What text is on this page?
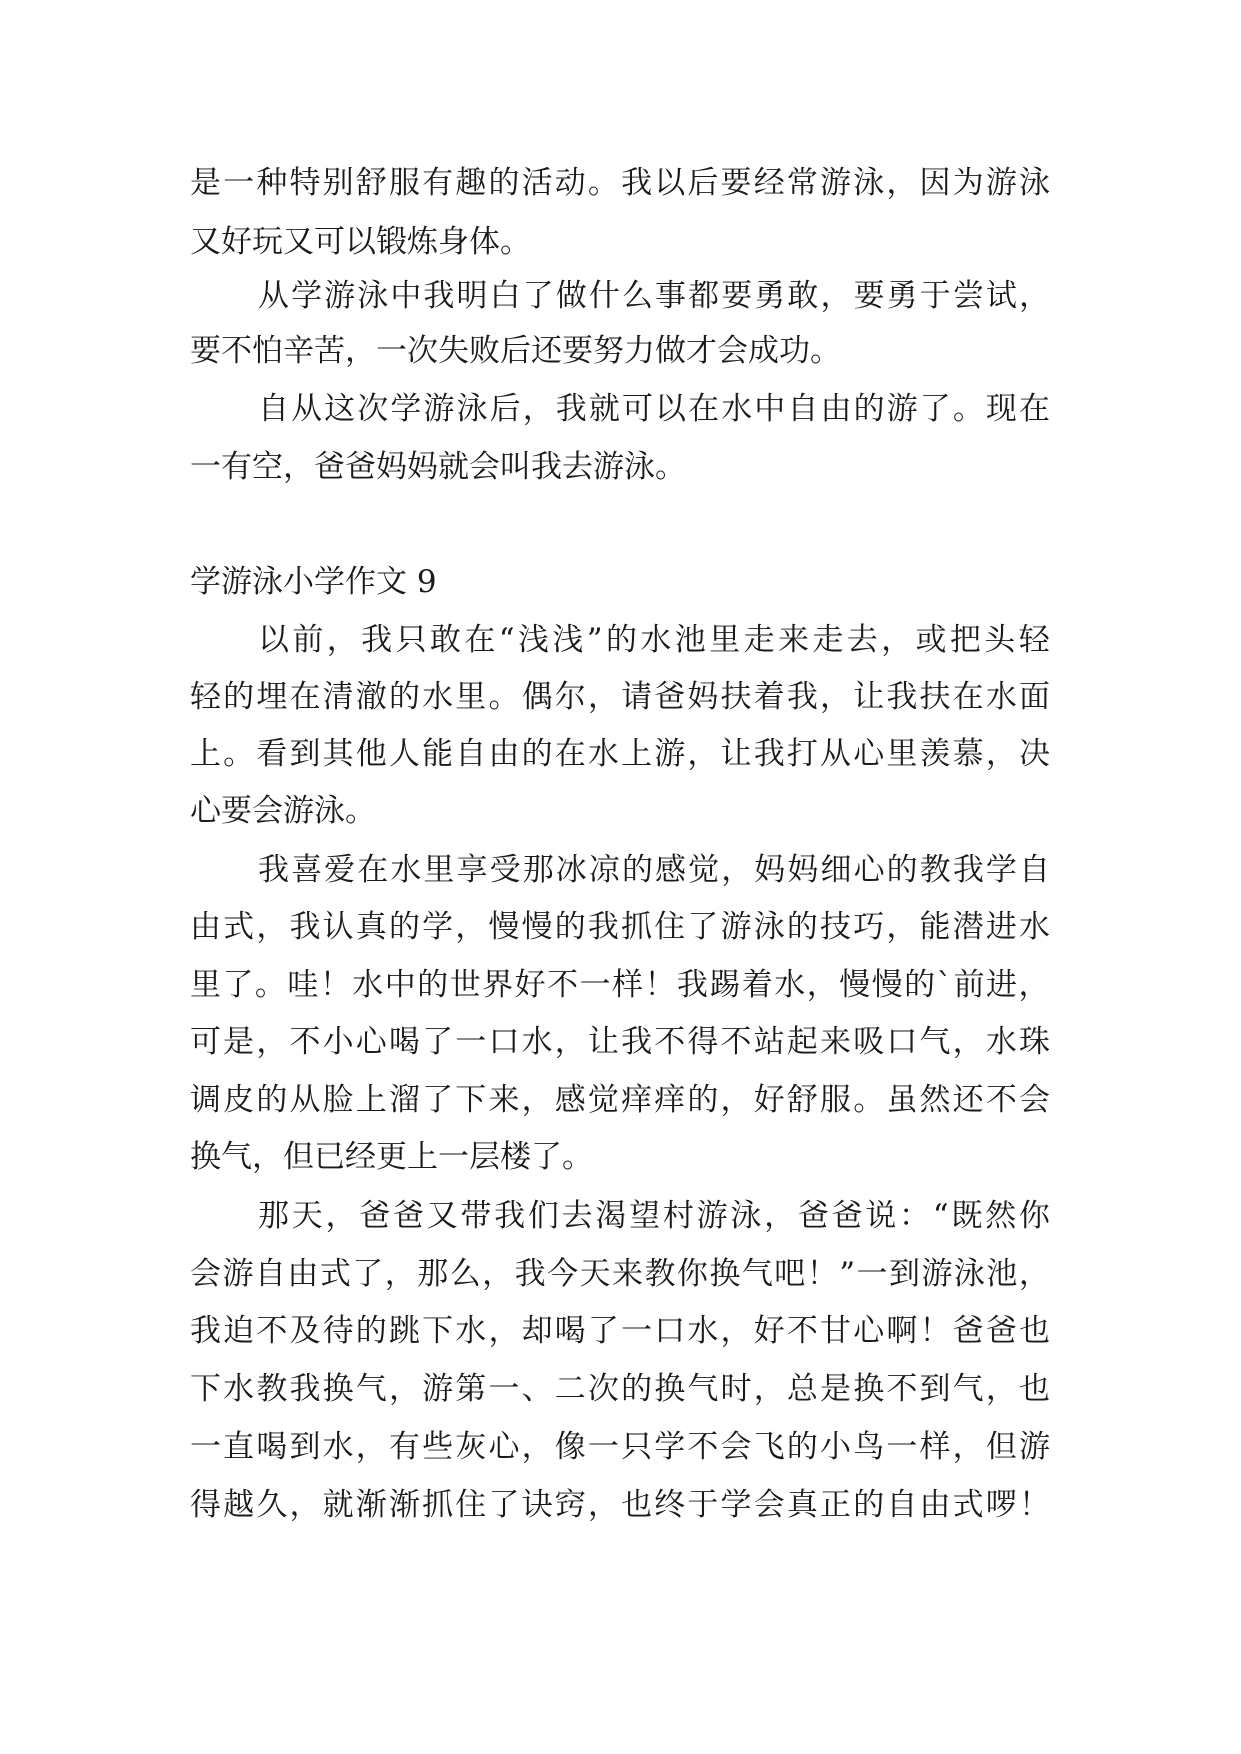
是一种特别舒服有趣的活动。我以后要经常游泳，因为游泳
又好玩又可以锻炼身体。
从学游泳中我明白了做什么事都要勇敢，要勇于尝试，
要不怕辛苦，一次失败后还要努力做才会成功。
自从这次学游泳后，我就可以在水中自由的游了。现在
一有空，爸爸妈妈就会叫我去游泳。
学游泳小学作文 9
以前，我只敢在“浅浅”的水池里走来走去，或把头轻
轻的埋在清澈的水里。偶尔，请爸妈扶着我，让我扶在水面
上。看到其他人能自由的在水上游，让我打从心里羡慕，决
心要会游泳。
我喜爱在水里享受那冰凉的感觉，妈妈细心的教我学自
由式，我认真的学，慢慢的我抓住了游泳的技巧，能潜进水
里了。哇！水中的世界好不一样！我踢着水，慢慢的`前进，
可是，不小心喝了一口水，让我不得不站起来吸口气，水珠
调皮的从脸上溜了下来，感觉痒痒的，好舒服。虽然还不会
换气，但已经更上一层楼了。
那天，爸爸又带我们去渴望村游泳，爸爸说：“既然你
会游自由式了，那么，我今天来教你换气吧！”一到游泳池，
我迫不及待的跳下水，却喝了一口水，好不甘心啊！爸爸也
下水教我换气，游第一、二次的换气时，总是换不到气，也
一直喝到水，有些灰心，像一只学不会飞的小鸟一样，但游
得越久，就渐渐抓住了诀窍，也终于学会真正的自由式啰！
